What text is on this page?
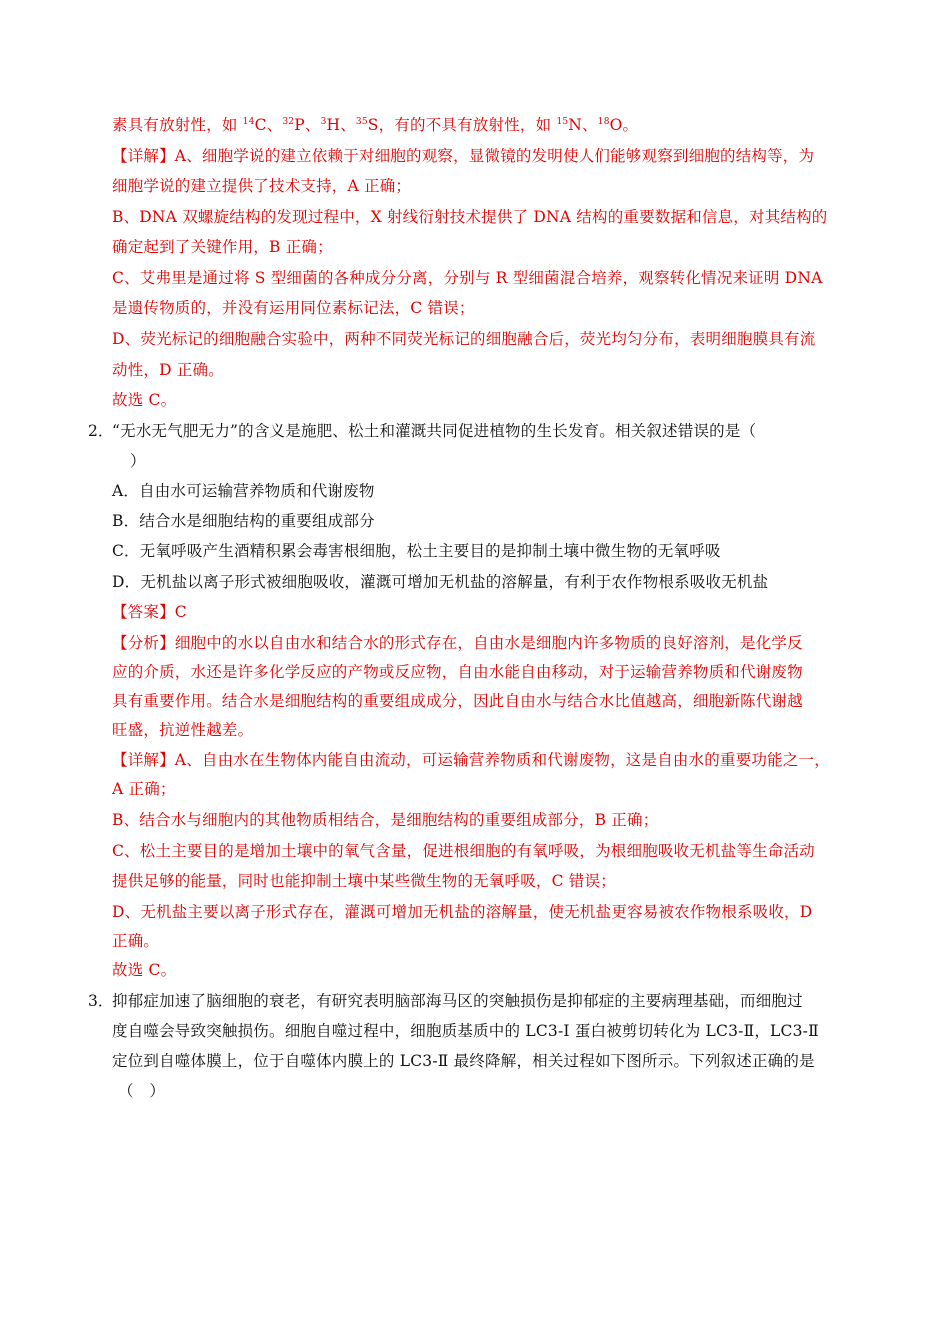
素具有放射性，如 $^{14}$C、$^{32}$P、$^3$H、$^{35}$S，有的不具有放射性，如 $^{15}$N、$^{18}$O。
【详解】A、细胞学说的建立依赖于对细胞的观察，显微镜的发明使人们能够观察到细胞的结构等，为
细胞学说的建立提供了技术支持，A 正确；
B、DNA 双螺旋结构的发现过程中，X 射线衍射技术提供了 DNA 结构的重要数据和信息，对其结构的
确定起到了关键作用，B 正确；
C、艾弗里是通过将 S 型细菌的各种成分分离，分别与 R 型细菌混合培养，观察转化情况来证明 DNA
是遗传物质的，并没有运用同位素标记法，C 错误；
D、荧光标记的细胞融合实验中，两种不同荧光标记的细胞融合后，荧光均匀分布，表明细胞膜具有流
动性，D 正确。
故选 C。
2．
“无水无气肥无力”的含义是施肥、松土和灌溉共同促进植物的生长发育。相关叙述错误的是（
）
A．自由水可运输营养物质和代谢废物
B．结合水是细胞结构的重要组成部分
C．无氧呼吸产生酒精积累会毒害根细胞，松土主要目的是抑制土壤中微生物的无氧呼吸
D．无机盐以离子形式被细胞吸收，灌溉可增加无机盐的溶解量，有利于农作物根系吸收无机盐
【答案】C
【分析】细胞中的水以自由水和结合水的形式存在，自由水是细胞内许多物质的良好溶剂，是化学反
应的介质，水还是许多化学反应的产物或反应物，自由水能自由移动，对于运输营养物质和代谢废物
具有重要作用。结合水是细胞结构的重要组成成分，因此自由水与结合水比值越高，细胞新陈代谢越
旺盛，抗逆性越差。
【详解】A、自由水在生物体内能自由流动，可运输营养物质和代谢废物，这是自由水的重要功能之一，
A 正确；
B、结合水与细胞内的其他物质相结合，是细胞结构的重要组成部分，B 正确；
C、松土主要目的是增加土壤中的氧气含量，促进根细胞的有氧呼吸，为根细胞吸收无机盐等生命活动
提供足够的能量，同时也能抑制土壤中某些微生物的无氧呼吸，C 错误；
D、无机盐主要以离子形式存在，灌溉可增加无机盐的溶解量，使无机盐更容易被农作物根系吸收，D
正确。
故选 C。
3．
抑郁症加速了脑细胞的衰老，有研究表明脑部海马区的突触损伤是抑郁症的主要病理基础，而细胞过
度自噬会导致突触损伤。细胞自噬过程中，细胞质基质中的 LC3-Ⅰ 蛋白被剪切转化为 LC3-Ⅱ，LC3-Ⅱ
定位到自噬体膜上，位于自噬体内膜上的 LC3-Ⅱ 最终降解，相关过程如下图所示。下列叙述正确的是
（　）
